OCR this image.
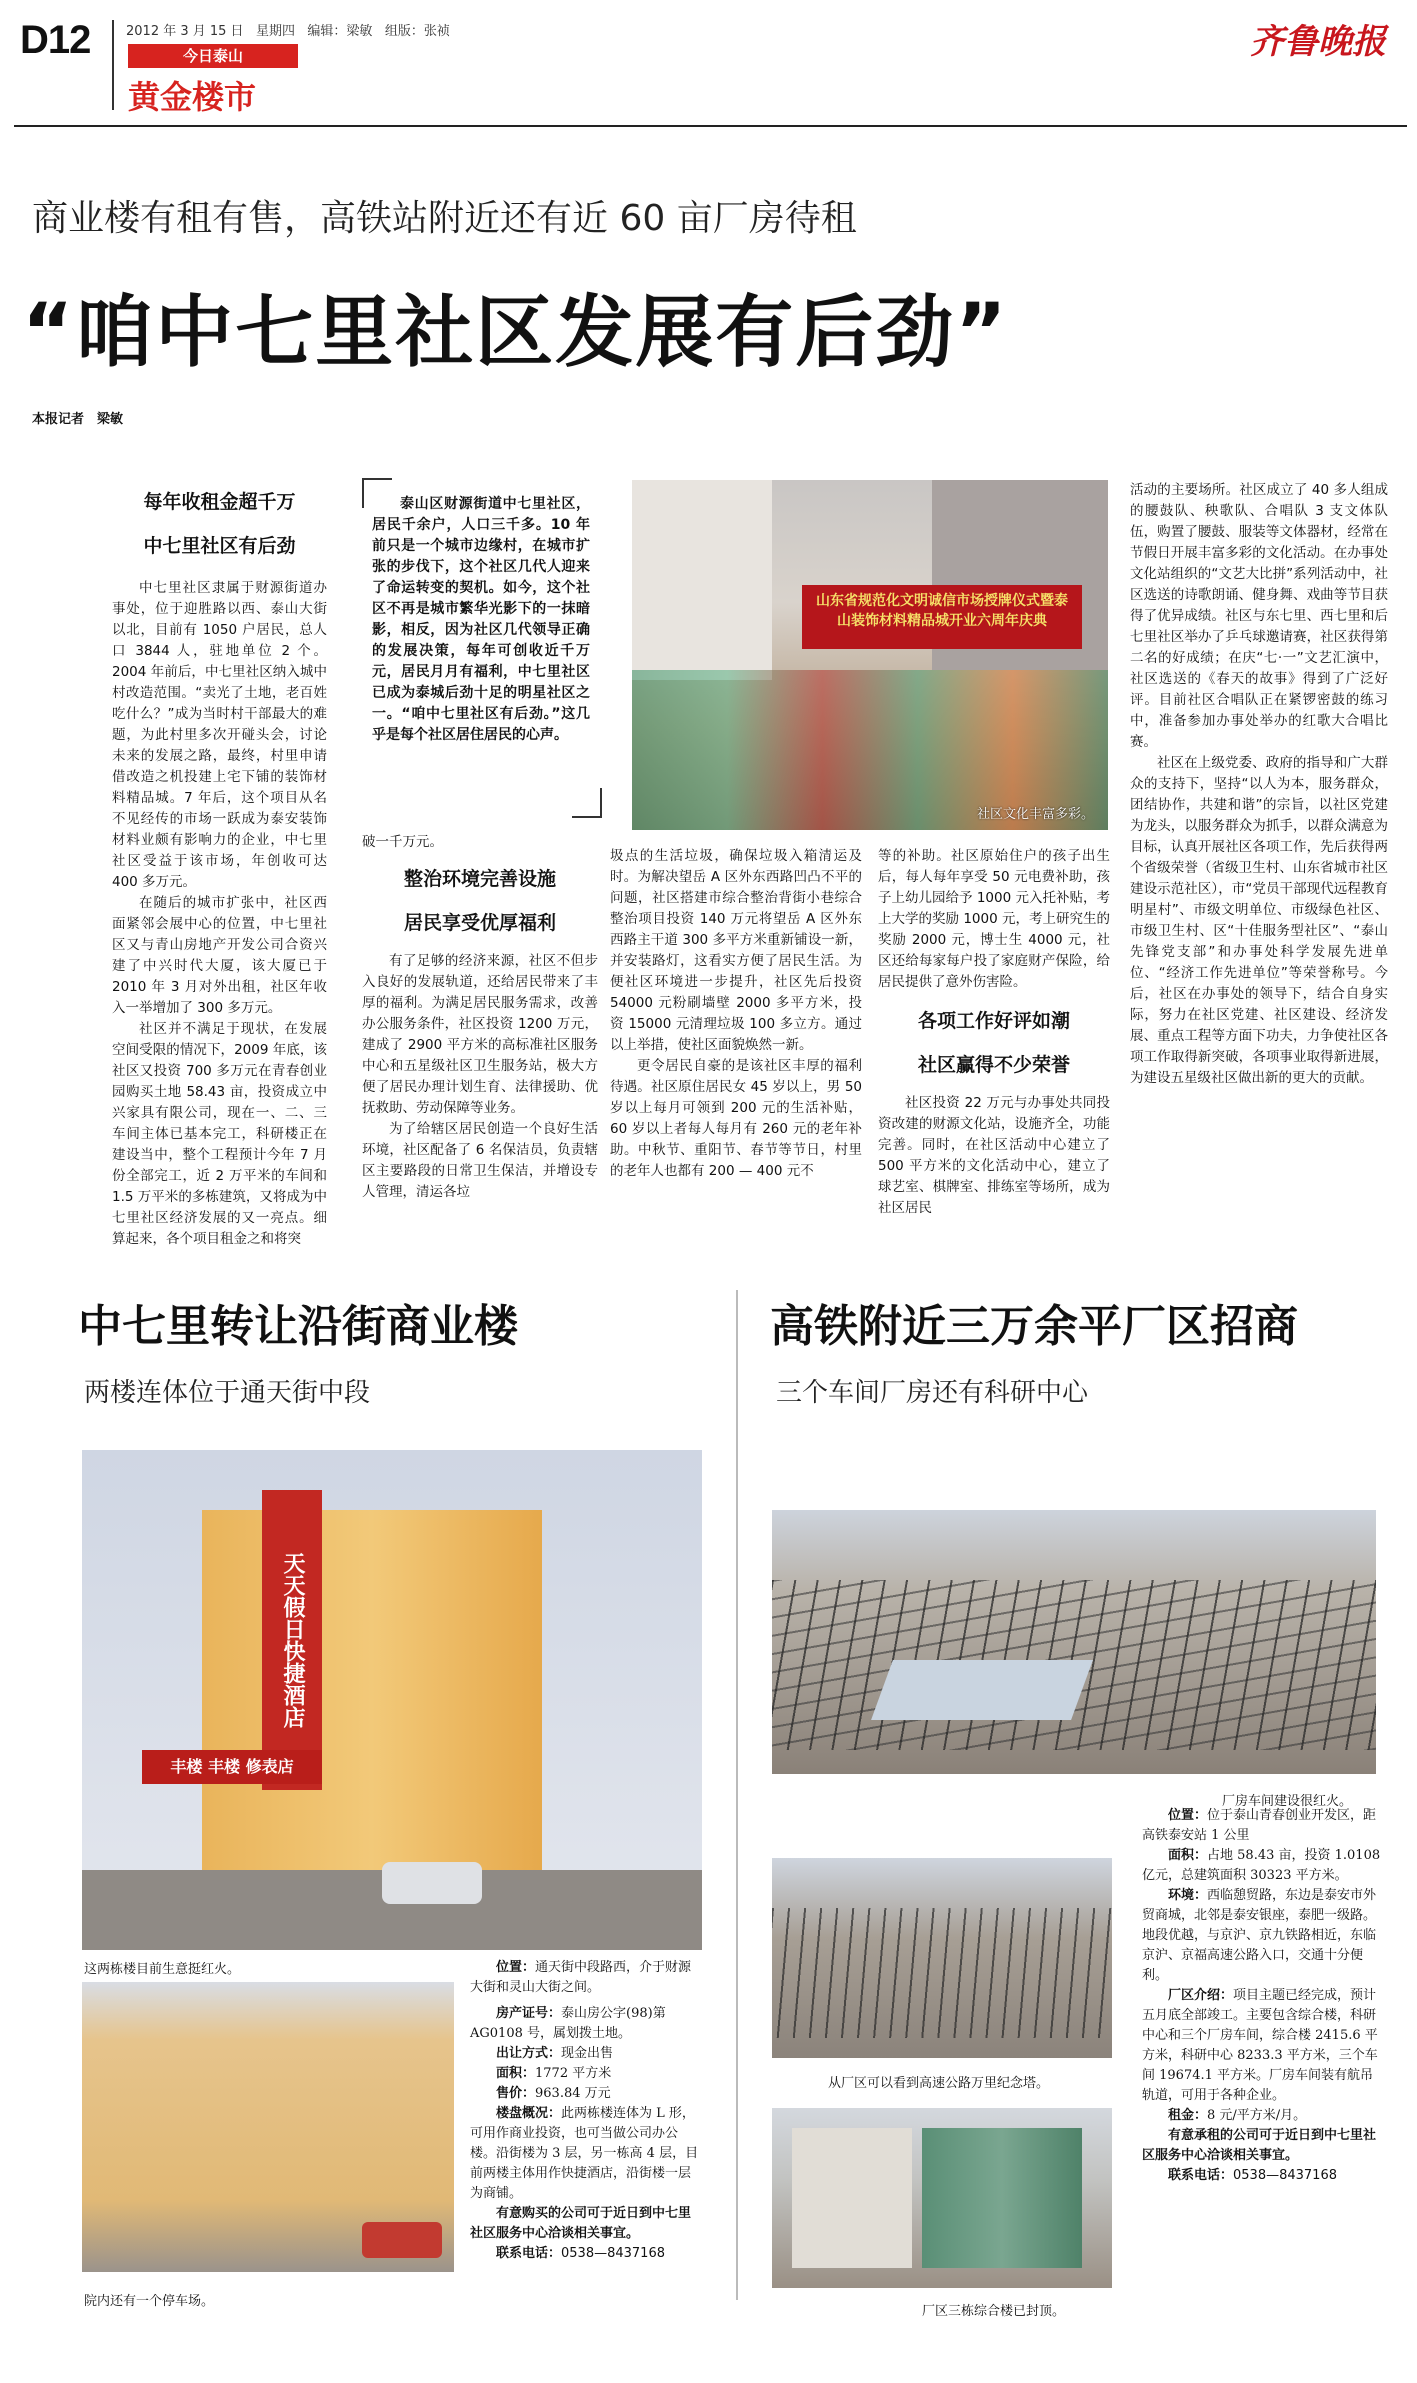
D12	2012 年 3 月 15 日 星期四 编辑：梁敏 组版：张祯
今日泰山
黄金楼市
齐鲁晚报
商业楼有租有售，高铁站附近还有近 60 亩厂房待租
“咱中七里社区发展有后劲”
本报记者　梁敏
每年收租金超千万
中七里社区有后劲

中七里社区隶属于财源街道办事处，位于迎胜路以西、泰山大街以北，目前有 1050 户居民，总人口 3844 人，驻地单位 2 个。2004 年前后，中七里社区纳入城中村改造范围。“卖光了土地，老百姓吃什么？”成为当时村干部最大的难题，为此村里多次开碰头会，讨论未来的发展之路，最终，村里申请借改造之机投建上宅下铺的装饰材料精品城。7 年后，这个项目从名不见经传的市场一跃成为泰安装饰材料业颇有影响力的企业，中七里社区受益于该市场，年创收可达 400 多万元。

在随后的城市扩张中，社区西面紧邻会展中心的位置，中七里社区又与青山房地产开发公司合资兴建了中兴时代大厦，该大厦已于 2010 年 3 月对外出租，社区年收入一举增加了 300 多万元。

社区并不满足于现状，在发展空间受限的情况下，2009 年底，该社区又投资 700 多万元在青春创业园购买土地 58.43 亩，投资成立中兴家具有限公司，现在一、二、三车间主体已基本完工，科研楼正在建设当中，整个工程预计今年 7 月份全部完工，近 2 万平米的车间和 1.5 万平米的多栋建筑，又将成为中七里社区经济发展的又一亮点。细算起来，各个项目租金之和将突

泰山区财源街道中七里社区，居民千余户，人口三千多。10 年前只是一个城市边缘村，在城市扩张的步伐下，这个社区几代人迎来了命运转变的契机。如今，这个社区不再是城市繁华光影下的一抹暗影，相反，因为社区几代领导正确的发展决策，每年可创收近千万元，居民月月有福利，中七里社区已成为泰城后劲十足的明星社区之一。“咱中七里社区有后劲。”这几乎是每个社区居住居民的心声。

破一千万元。

整治环境完善设施
居民享受优厚福利

有了足够的经济来源，社区不但步入良好的发展轨道，还给居民带来了丰厚的福利。为满足居民服务需求，改善办公服务条件，社区投资 1200 万元，建成了 2900 平方米的高标准社区服务中心和五星级社区卫生服务站，极大方便了居民办理计划生育、法律援助、优抚救助、劳动保障等业务。

为了给辖区居民创造一个良好生活环境，社区配备了 6 名保洁员，负责辖区主要路段的日常卫生保洁，并增设专人管理，清运各垃

山东省规范化文明诚信市场授牌仪式暨泰山装饰材料精品城开业六周年庆典
社区文化丰富多彩。

圾点的生活垃圾，确保垃圾入箱清运及时。为解决望岳 A 区外东西路凹凸不平的问题，社区搭建市综合整治背街小巷综合整治项目投资 140 万元将望岳 A 区外东西路主干道 300 多平方米重新铺设一新，并安装路灯，这看实方便了居民生活。为便社区环境进一步提升，社区先后投资 54000 元粉刷墙壁 2000 多平方米，投资 15000 元清理垃圾 100 多立方。通过以上举措，使社区面貌焕然一新。

更令居民自豪的是该社区丰厚的福利待遇。社区原住居民女 45 岁以上，男 50 岁以上每月可领到 200 元的生活补贴，60 岁以上者每人每月有 260 元的老年补助。中秋节、重阳节、春节等节日，村里的老年人也都有 200 — 400 元不

等的补助。社区原始住户的孩子出生后，每人每年享受 50 元电费补助，孩子上幼儿园给予 1000 元入托补贴，考上大学的奖励 1000 元，考上研究生的奖励 2000 元，博士生 4000 元，社区还给每家每户投了家庭财产保险，给居民提供了意外伤害险。

各项工作好评如潮
社区赢得不少荣誉

社区投资 22 万元与办事处共同投资改建的财源文化站，设施齐全，功能完善。同时，在社区活动中心建立了 500 平方米的文化活动中心，建立了球艺室、棋牌室、排练室等场所，成为社区居民

活动的主要场所。社区成立了 40 多人组成的腰鼓队、秧歌队、合唱队 3 支文体队伍，购置了腰鼓、服装等文体器材，经常在节假日开展丰富多彩的文化活动。在办事处文化站组织的“文艺大比拼”系列活动中，社区选送的诗歌朗诵、健身舞、戏曲等节目获得了优异成绩。社区与东七里、西七里和后七里社区举办了乒乓球邀请赛，社区获得第二名的好成绩；在庆“七·一”文艺汇演中，社区选送的《春天的故事》得到了广泛好评。目前社区合唱队正在紧锣密鼓的练习中，准备参加办事处举办的红歌大合唱比赛。

社区在上级党委、政府的指导和广大群众的支持下，坚持“以人为本，服务群众，团结协作，共建和谐”的宗旨，以社区党建为龙头，以服务群众为抓手，以群众满意为目标，认真开展社区各项工作，先后获得两个省级荣誉（省级卫生村、山东省城市社区建设示范社区），市“党员干部现代远程教育明星村”、市级文明单位、市级绿色社区、市级卫生村、区“十佳服务型社区”、“泰山先锋党支部”和办事处科学发展先进单位、“经济工作先进单位”等荣誉称号。今后，社区在办事处的领导下，结合自身实际，努力在社区党建、社区建设、经济发展、重点工程等方面下功夫，力争使社区各项工作取得新突破，各项事业取得新进展，为建设五星级社区做出新的更大的贡献。

中七里转让沿街商业楼
两楼连体位于通天街中段
天天假日快捷酒店
丰楼 丰楼 修表店
这两栋楼目前生意挺红火。
院内还有一个停车场。

位置：通天街中段路西，介于财源大街和灵山大街之间。

房产证号：泰山房公字(98)第 AG0108 号，属划拨土地。

出让方式：现金出售

面积：1772 平方米

售价：963.84 万元

楼盘概况：此两栋楼连体为 L 形，可用作商业投资，也可当做公司办公楼。沿街楼为 3 层，另一栋高 4 层，目前两楼主体用作快捷酒店，沿街楼一层为商铺。

有意购买的公司可于近日到中七里社区服务中心洽谈相关事宜。

联系电话：0538—8437168

高铁附近三万余平厂区招商
三个车间厂房还有科研中心
厂房车间建设很红火。
从厂区可以看到高速公路万里纪念塔。
厂区三栋综合楼已封顶。

位置：位于泰山青春创业开发区，距高铁泰安站 1 公里

面积：占地 58.43 亩，投资 1.0108 亿元，总建筑面积 30323 平方米。

环境：西临憩贸路，东边是泰安市外贸商城，北邻是泰安银座，泰肥一级路。地段优越，与京沪、京九铁路相近，东临京沪、京福高速公路入口，交通十分便利。

厂区介绍：项目主题已经完成，预计五月底全部竣工。主要包含综合楼，科研中心和三个厂房车间，综合楼 2415.6 平方米，科研中心 8233.3 平方米，三个车间 19674.1 平方米。厂房车间装有航吊轨道，可用于各种企业。

租金：8 元/平方米/月。

有意承租的公司可于近日到中七里社区服务中心洽谈相关事宜。

联系电话：0538—8437168
